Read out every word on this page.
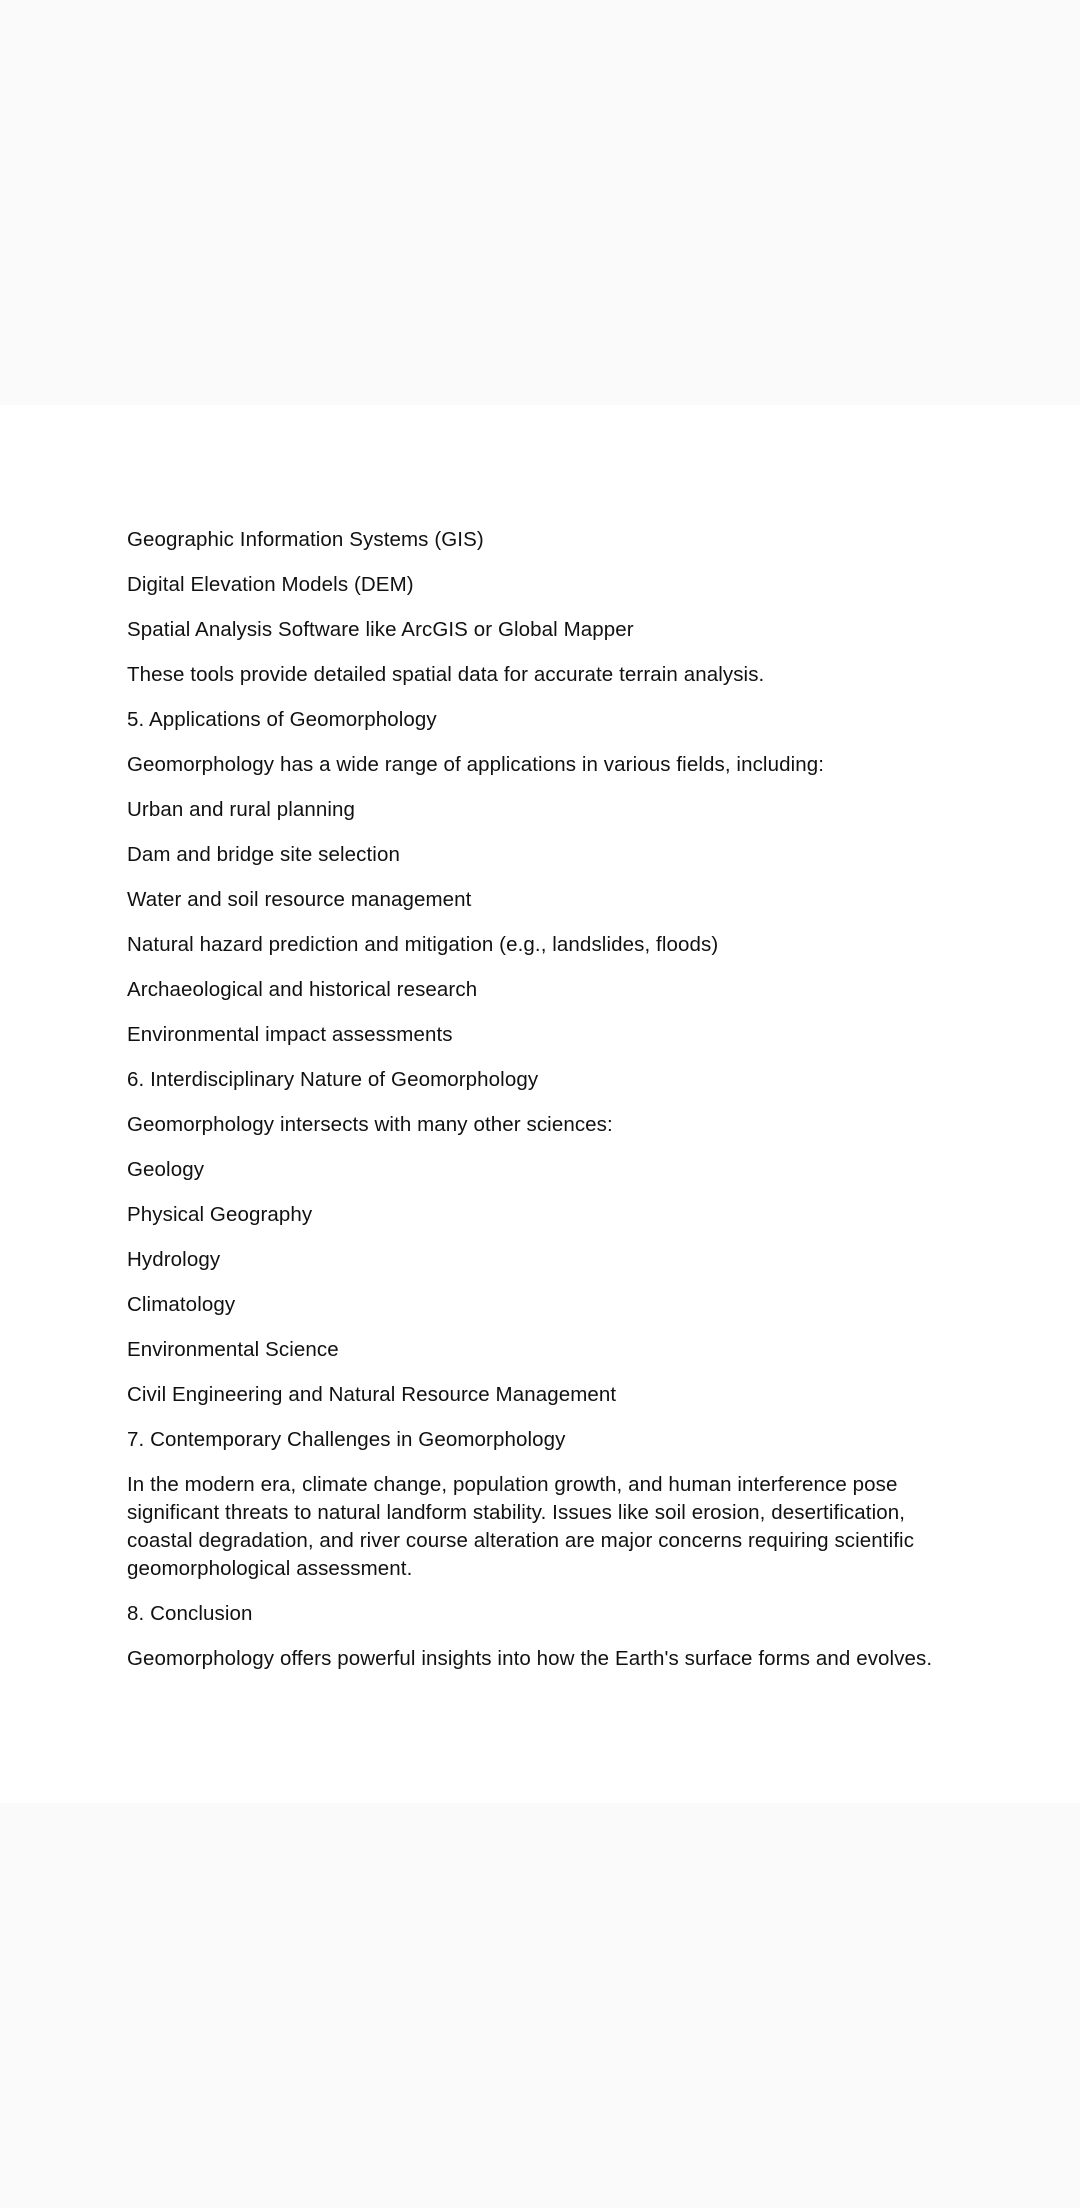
Geographic Information Systems (GIS)

Digital Elevation Models (DEM)

Spatial Analysis Software like ArcGIS or Global Mapper

These tools provide detailed spatial data for accurate terrain analysis.

5. Applications of Geomorphology

Geomorphology has a wide range of applications in various fields, including:

Urban and rural planning

Dam and bridge site selection

Water and soil resource management

Natural hazard prediction and mitigation (e.g., landslides, floods)

Archaeological and historical research

Environmental impact assessments

6. Interdisciplinary Nature of Geomorphology

Geomorphology intersects with many other sciences:

Geology

Physical Geography

Hydrology

Climatology

Environmental Science

Civil Engineering and Natural Resource Management

7. Contemporary Challenges in Geomorphology

In the modern era, climate change, population growth, and human interference pose significant threats to natural landform stability. Issues like soil erosion, desertification, coastal degradation, and river course alteration are major concerns requiring scientific geomorphological assessment.

8. Conclusion

Geomorphology offers powerful insights into how the Earth's surface forms and evolves.
